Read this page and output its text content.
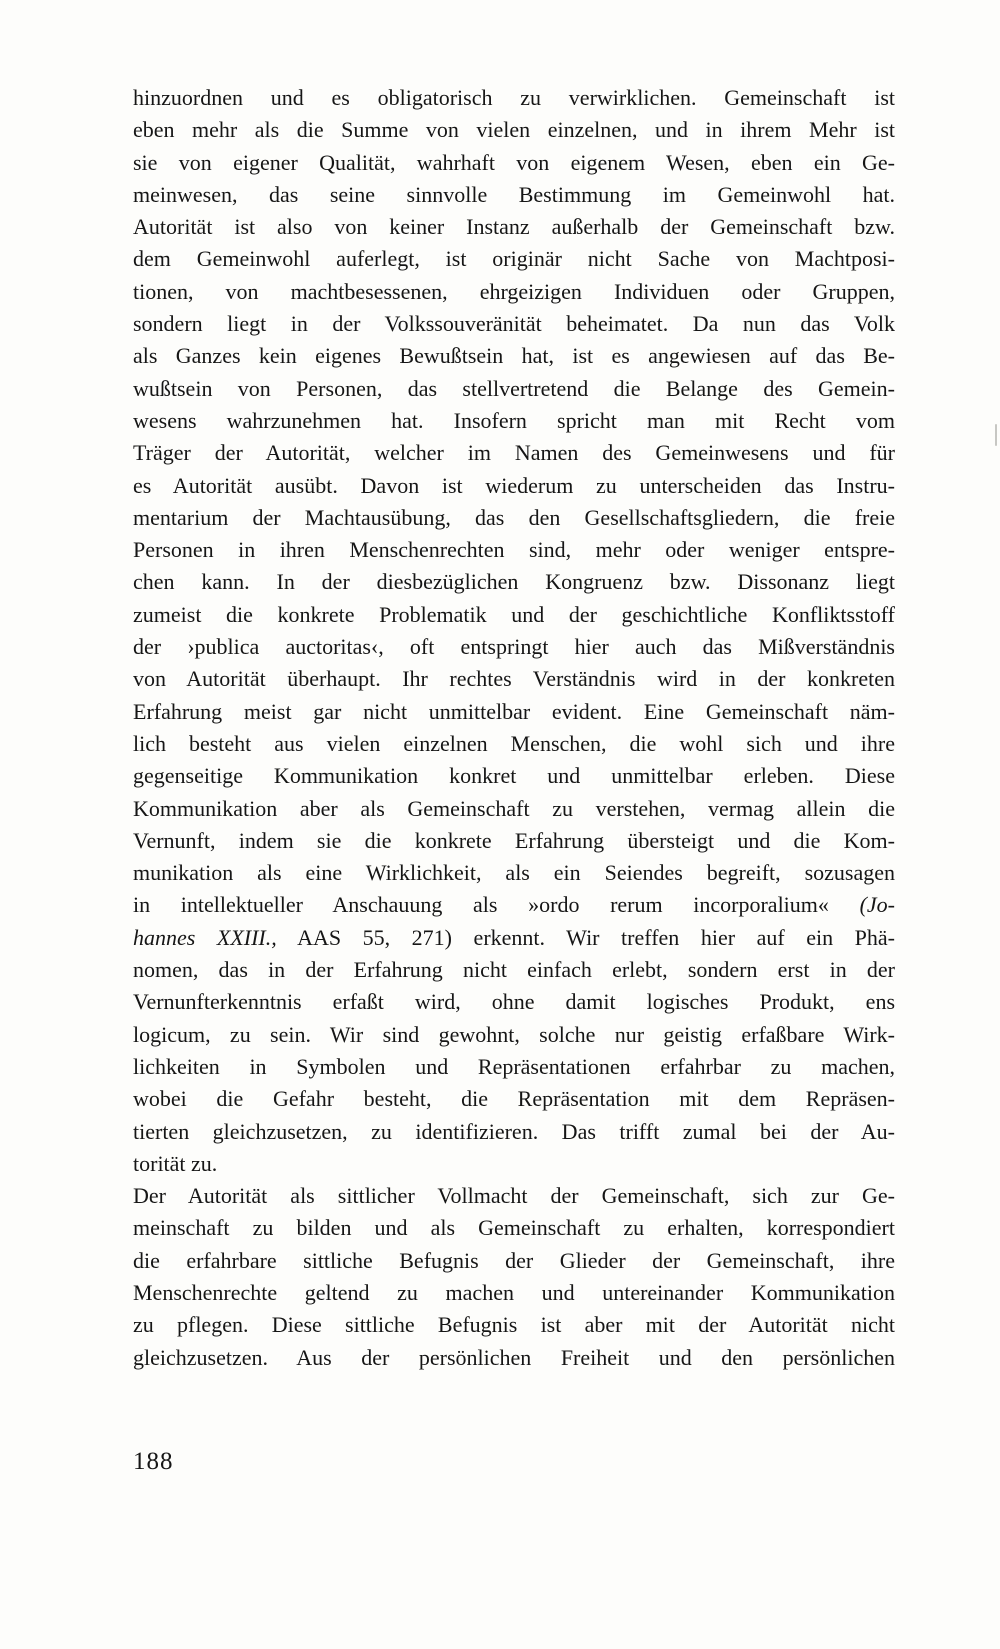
hinzuordnen und es obligatorisch zu verwirklichen. Gemeinschaft ist
eben mehr als die Summe von vielen einzelnen, und in ihrem Mehr ist
sie von eigener Qualität, wahrhaft von eigenem Wesen, eben ein Ge-
meinwesen, das seine sinnvolle Bestimmung im Gemeinwohl hat.
Autorität ist also von keiner Instanz außerhalb der Gemeinschaft bzw.
dem Gemeinwohl auferlegt, ist originär nicht Sache von Machtposi-
tionen, von machtbesessenen, ehrgeizigen Individuen oder Gruppen,
sondern liegt in der Volkssouveränität beheimatet. Da nun das Volk
als Ganzes kein eigenes Bewußtsein hat, ist es angewiesen auf das Be-
wußtsein von Personen, das stellvertretend die Belange des Gemein-
wesens wahrzunehmen hat. Insofern spricht man mit Recht vom
Träger der Autorität, welcher im Namen des Gemeinwesens und für
es Autorität ausübt. Davon ist wiederum zu unterscheiden das Instru-
mentarium der Machtausübung, das den Gesellschaftsgliedern, die freie
Personen in ihren Menschenrechten sind, mehr oder weniger entspre-
chen kann. In der diesbezüglichen Kongruenz bzw. Dissonanz liegt
zumeist die konkrete Problematik und der geschichtliche Konfliktsstoff
der ›publica auctoritas‹, oft entspringt hier auch das Mißverständnis
von Autorität überhaupt. Ihr rechtes Verständnis wird in der konkreten
Erfahrung meist gar nicht unmittelbar evident. Eine Gemeinschaft näm-
lich besteht aus vielen einzelnen Menschen, die wohl sich und ihre
gegenseitige Kommunikation konkret und unmittelbar erleben. Diese
Kommunikation aber als Gemeinschaft zu verstehen, vermag allein die
Vernunft, indem sie die konkrete Erfahrung übersteigt und die Kom-
munikation als eine Wirklichkeit, als ein Seiendes begreift, sozusagen
in intellektueller Anschauung als »ordo rerum incorporalium« (Jo-
hannes XXIII., AAS 55, 271) erkennt. Wir treffen hier auf ein Phä-
nomen, das in der Erfahrung nicht einfach erlebt, sondern erst in der
Vernunfterkenntnis erfaßt wird, ohne damit logisches Produkt, ens
logicum, zu sein. Wir sind gewohnt, solche nur geistig erfaßbare Wirk-
lichkeiten in Symbolen und Repräsentationen erfahrbar zu machen,
wobei die Gefahr besteht, die Repräsentation mit dem Repräsen-
tierten gleichzusetzen, zu identifizieren. Das trifft zumal bei der Au-
torität zu.
Der Autorität als sittlicher Vollmacht der Gemeinschaft, sich zur Ge-
meinschaft zu bilden und als Gemeinschaft zu erhalten, korrespondiert
die erfahrbare sittliche Befugnis der Glieder der Gemeinschaft, ihre
Menschenrechte geltend zu machen und untereinander Kommunikation
zu pflegen. Diese sittliche Befugnis ist aber mit der Autorität nicht
gleichzusetzen. Aus der persönlichen Freiheit und den persönlichen
188
